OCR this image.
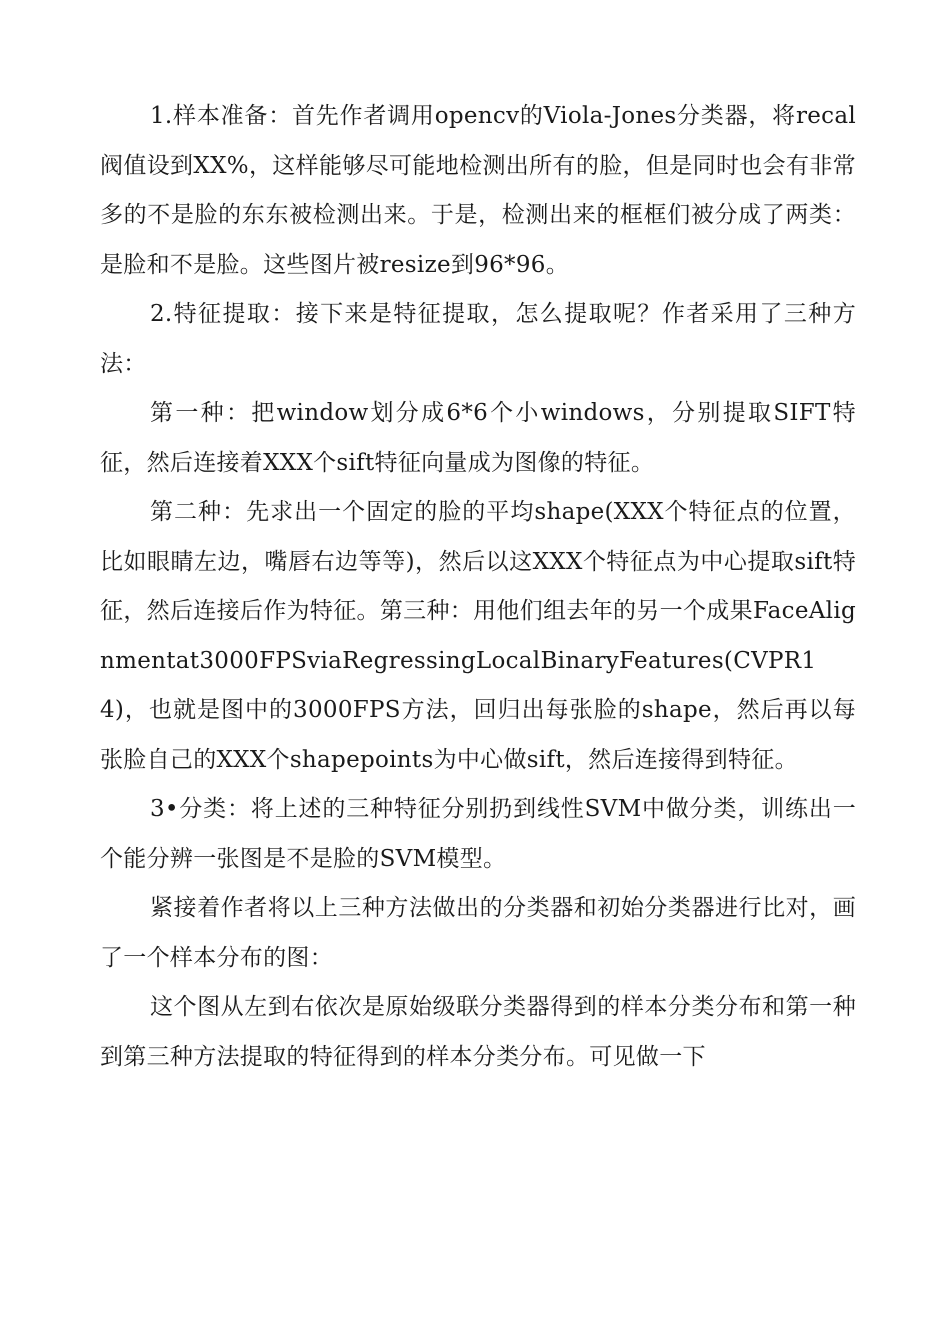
1.样本准备：首先作者调用opencv的Viola-Jones分类器，将recal阀值设到XX%，这样能够尽可能地检测出所有的脸，但是同时也会有非常多的不是脸的东东被检测出来。于是，检测出来的框框们被分成了两类：是脸和不是脸。这些图片被resize到96*96。

2.特征提取：接下来是特征提取，怎么提取呢？作者采用了三种方法：

第一种：把window划分成6*6个小windows，分别提取SIFT特征，然后连接着XXX个sift特征向量成为图像的特征。

第二种：先求出一个固定的脸的平均shape(XXX个特征点的位置，比如眼睛左边，嘴唇右边等等)，然后以这XXX个特征点为中心提取sift特征，然后连接后作为特征。第三种：用他们组去年的另一个成果FaceAlignmentat3000FPSviaRegressingLocalBinaryFeatures(CVPR14)，也就是图中的3000FPS方法，回归出每张脸的shape，然后再以每张脸自己的XXX个shapepoints为中心做sift，然后连接得到特征。

3•分类：将上述的三种特征分别扔到线性SVM中做分类，训练出一个能分辨一张图是不是脸的SVM模型。

紧接着作者将以上三种方法做出的分类器和初始分类器进行比对，画了一个样本分布的图：

这个图从左到右依次是原始级联分类器得到的样本分类分布和第一种到第三种方法提取的特征得到的样本分类分布。可见做一下
